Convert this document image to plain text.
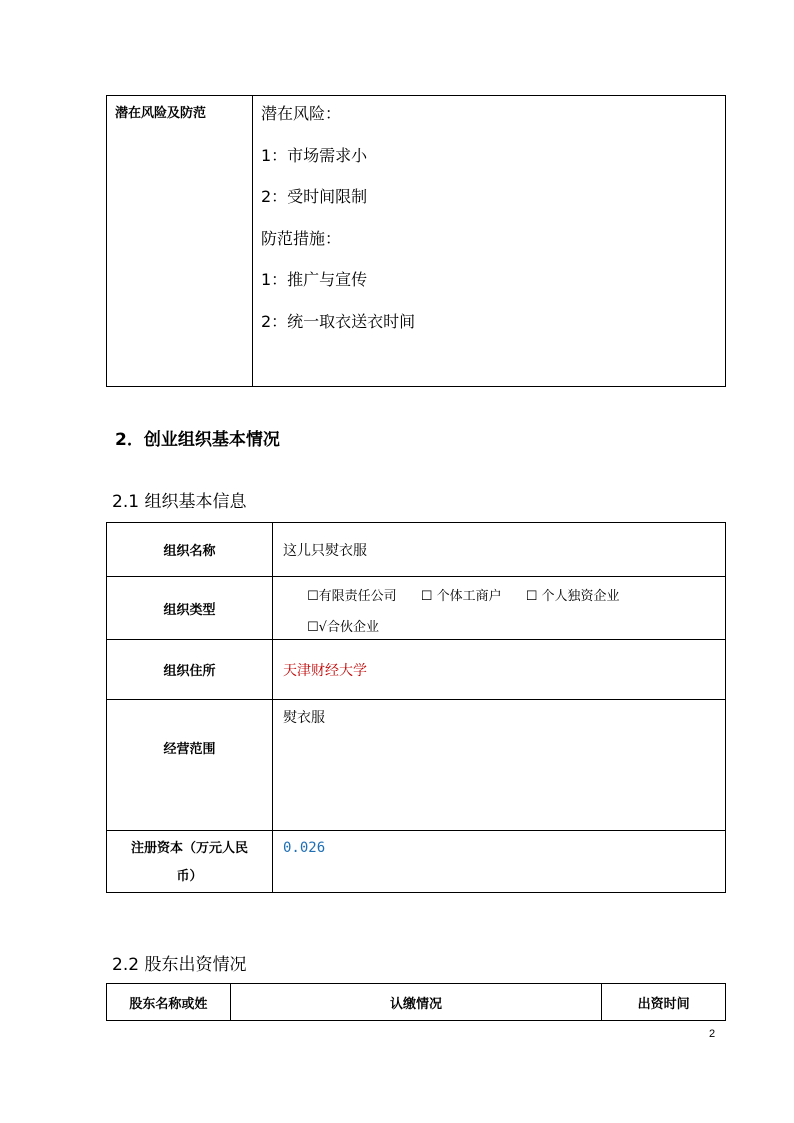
潜在风险及防范	潜在风险：
1：市场需求小
2：受时间限制
防范措施：
1：推广与宣传
2：统一取衣送衣时间
2．创业组织基本情况
2.1 组织基本信息
组织名称	这儿只熨衣服
组织类型	☐有限责任公司 ☐ 个体工商户 ☐ 个人独资企业
☐√合伙企业

组织住所	天津财经大学
经营范围	熨衣服

注册资本（万元人民
币）	0.026
2.2 股东出资情况
股东名称或姓	认缴情况	出资时间
2
